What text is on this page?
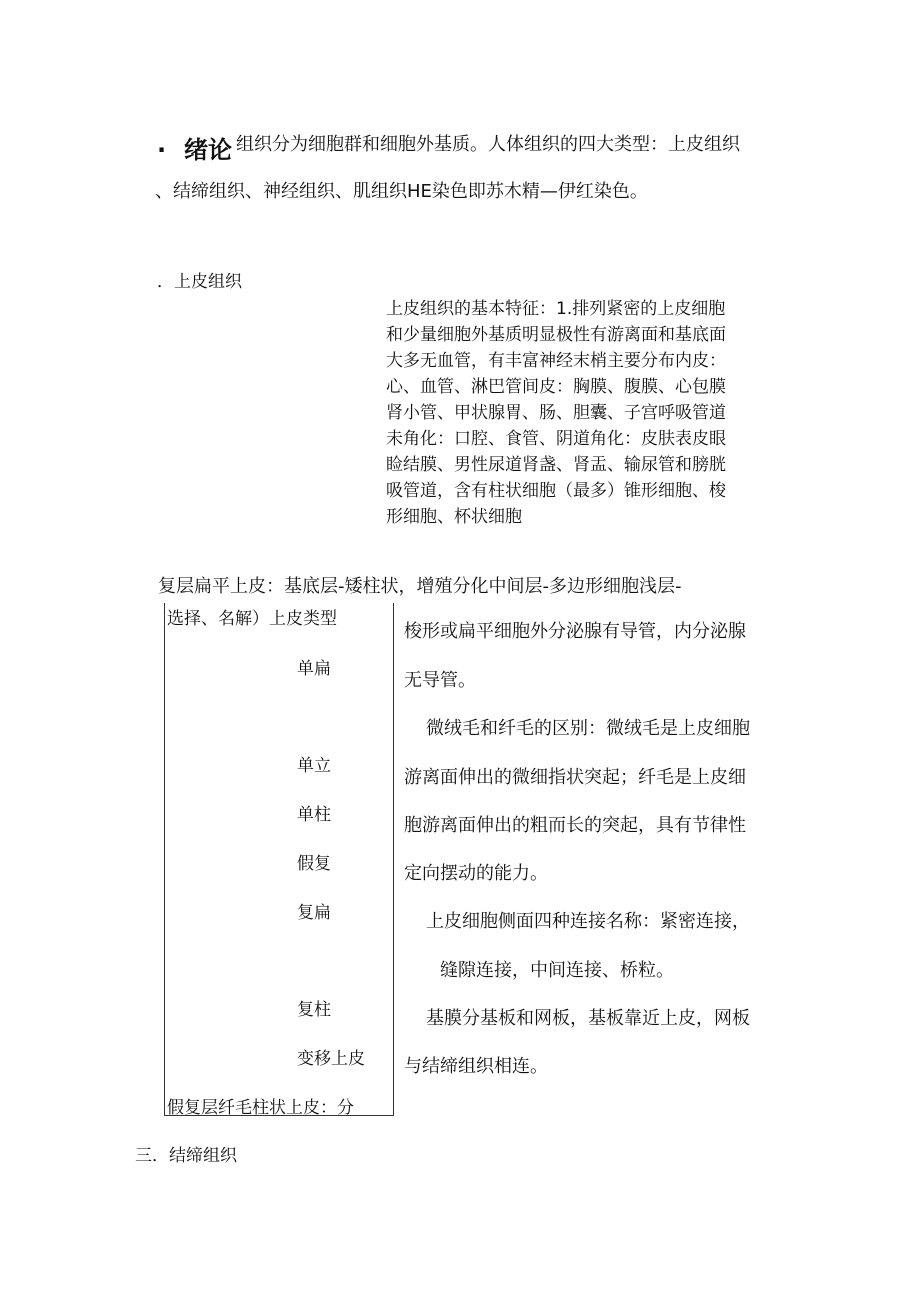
. 绪论 组织分为细胞群和细胞外基质。人体组织的四大类型：上皮组织
、结缔组织、神经组织、肌组织HE染色即苏木精—伊红染色。
．上皮组织
上皮组织的基本特征：1.排列紧密的上皮细胞
和少量细胞外基质明显极性有游离面和基底面
大多无血管，有丰富神经末梢主要分布内皮：
心、血管、淋巴管间皮：胸膜、腹膜、心包膜
肾小管、甲状腺胃、肠、胆囊、子宫呼吸管道
未角化：口腔、食管、阴道角化：皮肤表皮眼
睑结膜、男性尿道肾盏、肾盂、输尿管和膀胱
吸管道，含有柱状细胞（最多）锥形细胞、梭
形细胞、杯状细胞
复层扁平上皮：基底层-矮柱状，增殖分化中间层-多边形细胞浅层-
选择、名解）上皮类型
单扁
单立
单柱
假复
复扁
复柱
变移上皮
假复层纤毛柱状上皮：分
梭形或扁平细胞外分泌腺有导管，内分泌腺
无导管。
微绒毛和纤毛的区别：微绒毛是上皮细胞
游离面伸出的微细指状突起；纤毛是上皮细
胞游离面伸出的粗而长的突起，具有节律性
定向摆动的能力。
上皮细胞侧面四种连接名称：紧密连接，
缝隙连接，中间连接、桥粒。
基膜分基板和网板，基板靠近上皮，网板
与结缔组织相连。
三．结缔组织
